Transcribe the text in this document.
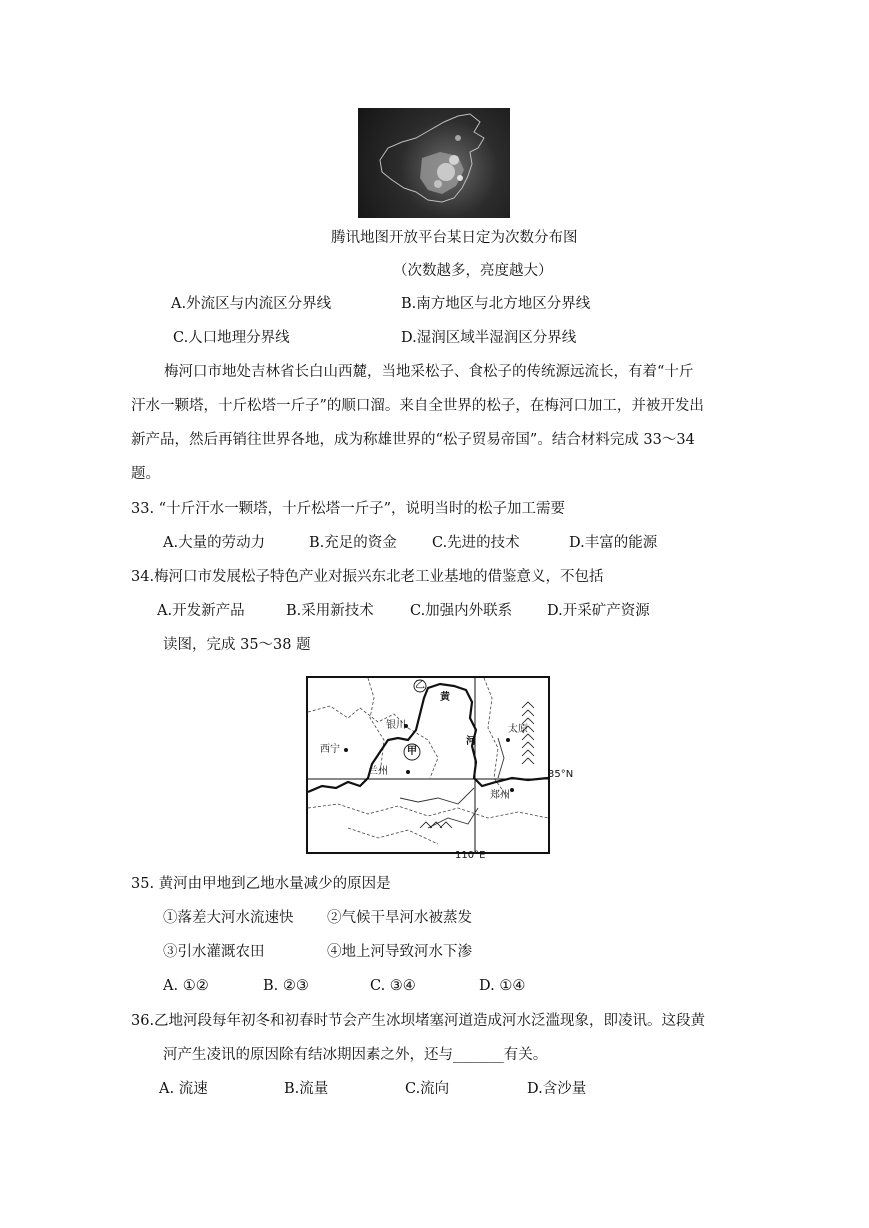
腾讯地图开放平台某日定为次数分布图
（次数越多，亮度越大）
A.外流区与内流区分界线	B.南方地区与北方地区分界线
C.人口地理分界线	D.湿润区域半湿润区分界线
梅河口市地处吉林省长白山西麓，当地采松子、食松子的传统源远流长，有着“十斤
汗水一颗塔，十斤松塔一斤子”的顺口溜。来自全世界的松子，在梅河口加工，并被开发出
新产品，然后再销往世界各地，成为称雄世界的“松子贸易帝国”。结合材料完成 33～34
题。
33. “十斤汗水一颗塔，十斤松塔一斤子”，说明当时的松子加工需要
A.大量的劳动力	B.充足的资金 C.先进的技术	D.丰富的能源
34.梅河口市发展松子特色产业对振兴东北老工业基地的借鉴意义，不包括
A.开发新产品	B.采用新技术 C.加强内外联系 D.开采矿产资源
读图，完成 35～38 题
乙
黄
河
银川
西宁	甲
兰州
太原
郑州
35°N
110°E
35. 黄河由甲地到乙地水量减少的原因是
①落差大河水流速快 ②气候干旱河水被蒸发
③引水灌溉农田	④地上河导致河水下渗
A. ①②	B. ②③	C. ③④	D. ①④
36.乙地河段每年初冬和初春时节会产生冰坝堵塞河道造成河水泛滥现象，即凌讯。这段黄
河产生凌讯的原因除有结冰期因素之外，还与_______有关。
A. 流速	B.流量	C.流向	D.含沙量
